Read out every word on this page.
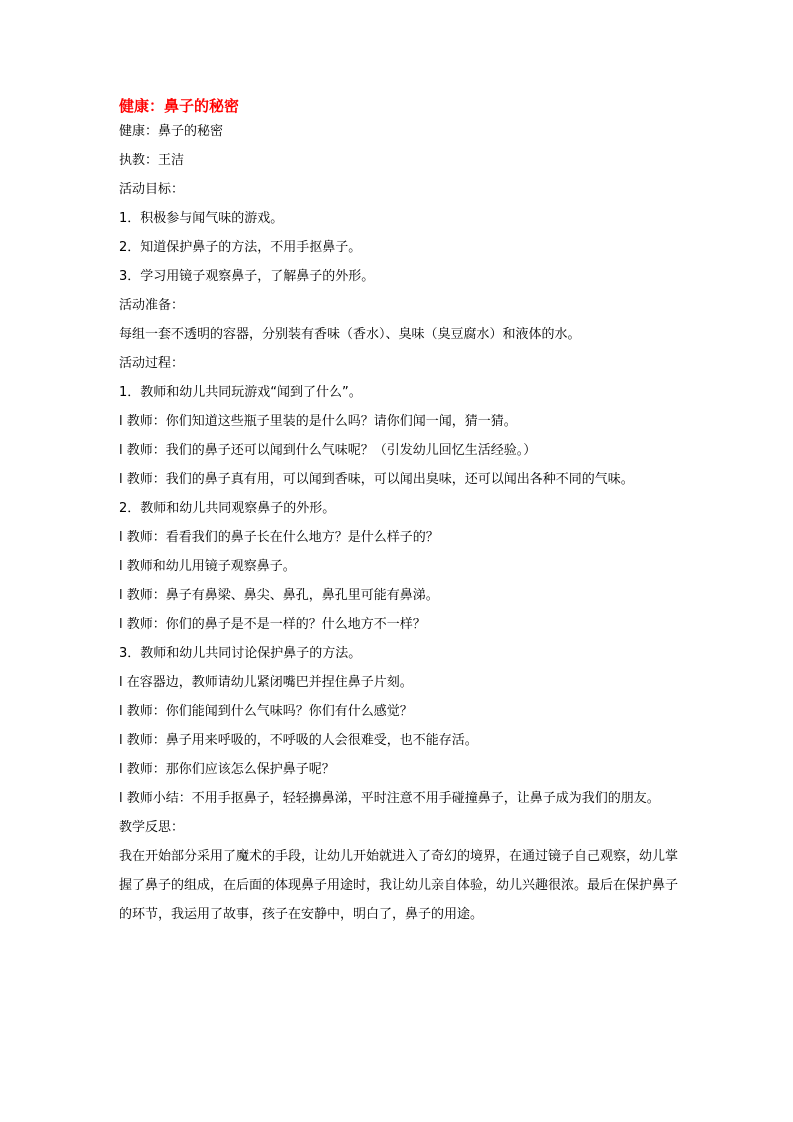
健康：鼻子的秘密

健康：鼻子的秘密

执教：王洁

活动目标：

1．积极参与闻气味的游戏。

2．知道保护鼻子的方法，不用手抠鼻子。

3．学习用镜子观察鼻子，了解鼻子的外形。

活动准备：

每组一套不透明的容器，分别装有香味（香水）、臭味（臭豆腐水）和液体的水。

活动过程：

1．教师和幼儿共同玩游戏“闻到了什么”。

l 教师：你们知道这些瓶子里装的是什么吗？请你们闻一闻，猜一猜。

l 教师：我们的鼻子还可以闻到什么气味呢？（引发幼儿回忆生活经验。）

l 教师：我们的鼻子真有用，可以闻到香味，可以闻出臭味，还可以闻出各种不同的气味。

2．教师和幼儿共同观察鼻子的外形。

l 教师：看看我们的鼻子长在什么地方？是什么样子的？

l 教师和幼儿用镜子观察鼻子。

l 教师：鼻子有鼻梁、鼻尖、鼻孔，鼻孔里可能有鼻涕。

l 教师：你们的鼻子是不是一样的？什么地方不一样？

3．教师和幼儿共同讨论保护鼻子的方法。

l 在容器边，教师请幼儿紧闭嘴巴并捏住鼻子片刻。

l 教师：你们能闻到什么气味吗？你们有什么感觉？

l 教师：鼻子用来呼吸的，不呼吸的人会很难受，也不能存活。

l 教师：那你们应该怎么保护鼻子呢？

l 教师小结：不用手抠鼻子，轻轻擤鼻涕，平时注意不用手碰撞鼻子，让鼻子成为我们的朋友。

教学反思：

我在开始部分采用了魔术的手段，让幼儿开始就进入了奇幻的境界，在通过镜子自己观察，幼儿掌握了鼻子的组成，在后面的体现鼻子用途时，我让幼儿亲自体验，幼儿兴趣很浓。最后在保护鼻子的环节，我运用了故事，孩子在安静中，明白了，鼻子的用途。
